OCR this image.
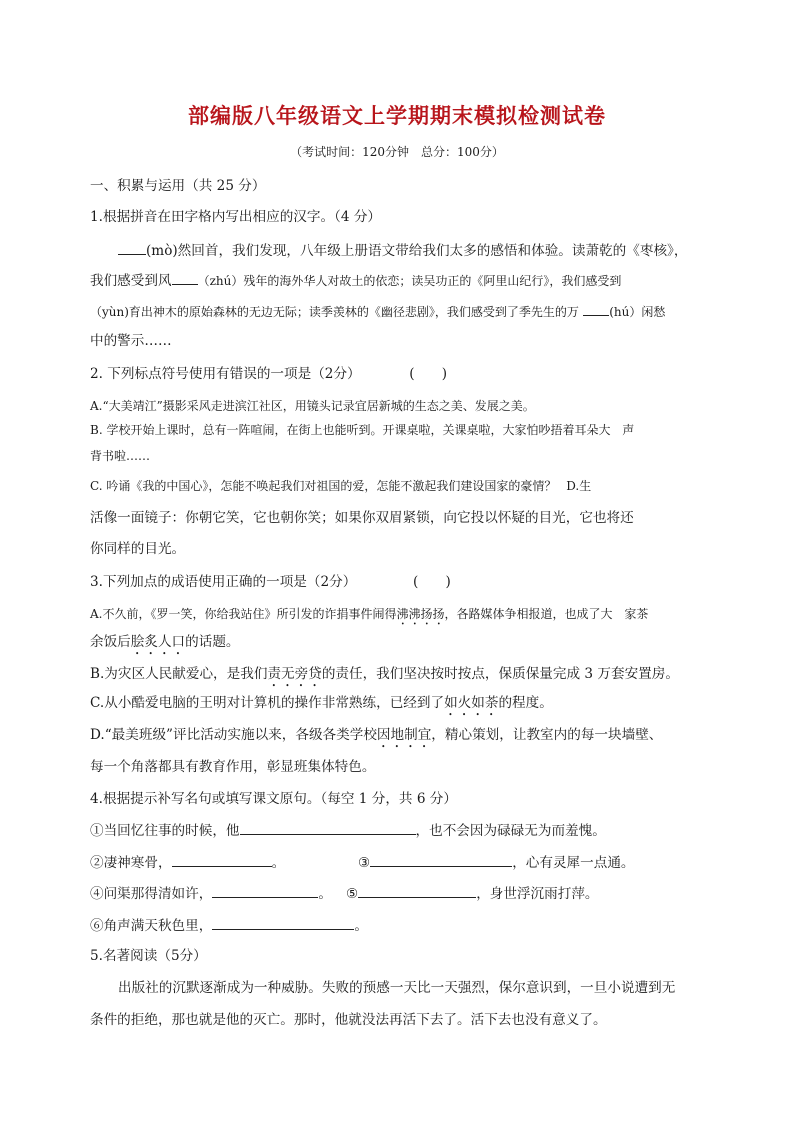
部编版八年级语文上学期期末模拟检测试卷
（考试时间：120分钟　总分：100分）
一、积累与运用（共 25 分）
1.根据拼音在田字格内写出相应的汉字。（4 分）
(mò)然回首，我们发现，八年级上册语文带给我们太多的感悟和体验。读萧乾的《枣核》，
我们感受到风 （zhú）残年的海外华人对故土的依恋；读吴功正的《阿里山纪行》，我们感受到
（yùn)育出神木的原始森林的无边无际；读季羡林的《幽径悲剧》，我们感受到了季先生的万	(hú）闲愁
中的警示……
2. 下列标点符号使用有错误的一项是（2分）	(　　)
A.“大美靖江”摄影采风走进滨江社区，用镜头记录宜居新城的生态之美、发展之美。
B. 学校开始上课时，总有一阵喧闹，在街上也能听到。开课桌啦，关课桌啦，大家怕吵捂着耳朵大 声
背书啦……
C. 吟诵《我的中国心》，怎能不唤起我们对祖国的爱，怎能不激起我们建设国家的豪情？ D.生
活像一面镜子：你朝它笑，它也朝你笑；如果你双眉紧锁，向它投以怀疑的目光，它也将还
你同样的目光。
3.下列加点的成语使用正确的一项是（2分）	(　　)
A.不久前，《罗一笑，你给我站住》所引发的诈捐事件闹得沸沸扬扬，各路媒体争相报道，也成了大 家茶
余饭后脍炙人口的话题。
B.为灾区人民献爱心，是我们责无旁贷的责任，我们坚决按时按点，保质保量完成 3 万套安置房。
C.从小酷爱电脑的王明对计算机的操作非常熟练，已经到了如火如荼的程度。
D.“最美班级”评比活动实施以来，各级各类学校因地制宜，精心策划，让教室内的每一块墙壁、
每一个角落都具有教育作用，彰显班集体特色。
4.根据提示补写名句或填写课文原句。（每空 1 分，共 6 分）
①当回忆往事的时候，他	，也不会因为碌碌无为而羞愧。
②凄神寒骨，	。	③	，心有灵犀一点通。
④问渠那得清如许，	。 ⑤	，身世浮沉雨打萍。
⑥角声满天秋色里，	。
5.名著阅读（5分）
出版社的沉默逐渐成为一种威胁。失败的预感一天比一天强烈，保尔意识到，一旦小说遭到无
条件的拒绝，那也就是他的灭亡。那时，他就没法再活下去了。活下去也没有意义了。
